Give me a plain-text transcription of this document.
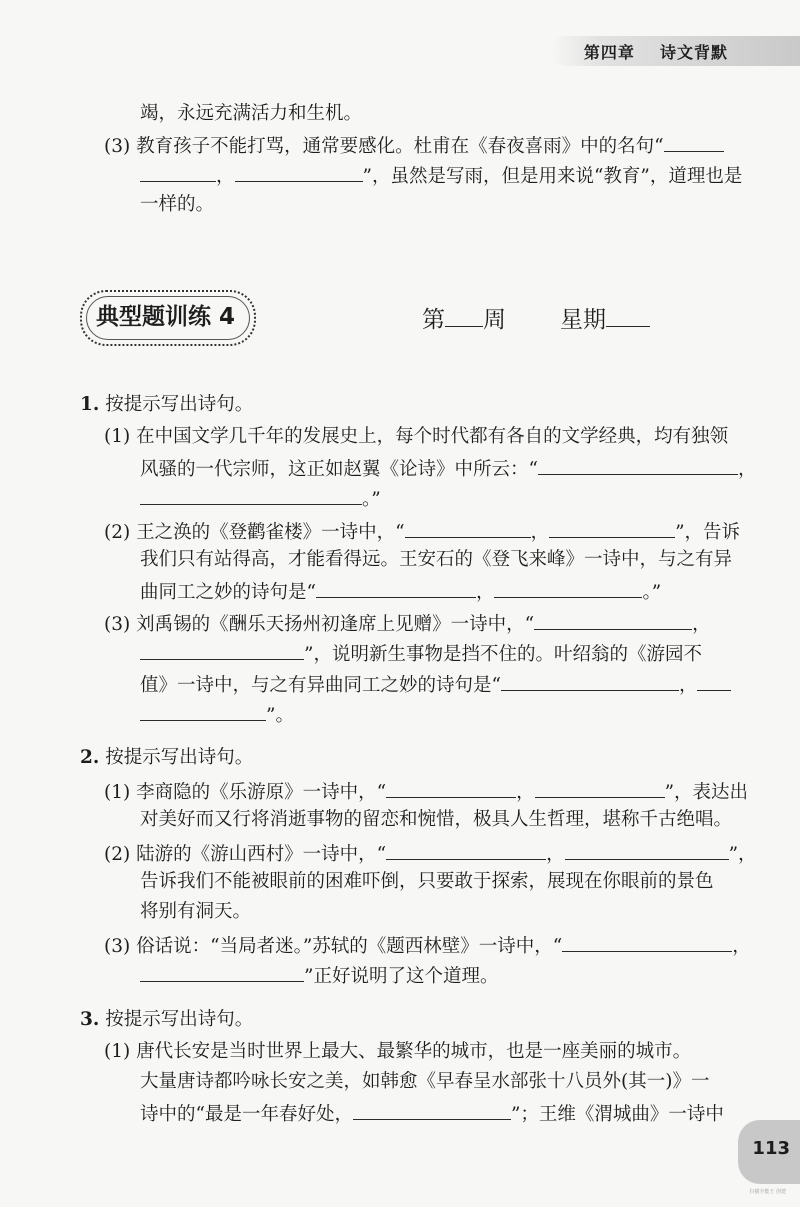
第四章 诗文背默
竭，永远充满活力和生机。
(3) 教育孩子不能打骂，通常要感化。杜甫在《春夜喜雨》中的名句“
，	”，虽然是写雨，但是用来说“教育”，道理也是
一样的。
典型题训练 4	第 周 星期
1. 按提示写出诗句。
(1) 在中国文学几千年的发展史上，每个时代都有各自的文学经典，均有独领
风骚的一代宗师，这正如赵翼《论诗》中所云：“	，
。”
(2) 王之涣的《登鹳雀楼》一诗中，“	，	”，告诉
我们只有站得高，才能看得远。王安石的《登飞来峰》一诗中，与之有异
曲同工之妙的诗句是“	，	。”
(3) 刘禹锡的《酬乐天扬州初逢席上见赠》一诗中，“	，
”，说明新生事物是挡不住的。叶绍翁的《游园不
值》一诗中，与之有异曲同工之妙的诗句是“	，
”。
2. 按提示写出诗句。
(1) 李商隐的《乐游原》一诗中，“	，	”，表达出
对美好而又行将消逝事物的留恋和惋惜，极具人生哲理，堪称千古绝唱。
(2) 陆游的《游山西村》一诗中，“	，	”，
告诉我们不能被眼前的困难吓倒，只要敢于探索，展现在你眼前的景色
将别有洞天。
(3) 俗话说：“当局者迷。”苏轼的《题西林壁》一诗中，“	，
”正好说明了这个道理。
3. 按提示写出诗句。
(1) 唐代长安是当时世界上最大、最繁华的城市，也是一座美丽的城市。
大量唐诗都吟咏长安之美，如韩愈《早春呈水部张十八员外(其一)》一
诗中的“最是一年春好处，	”；王维《渭城曲》一诗中
113
扫描全能王 创建
